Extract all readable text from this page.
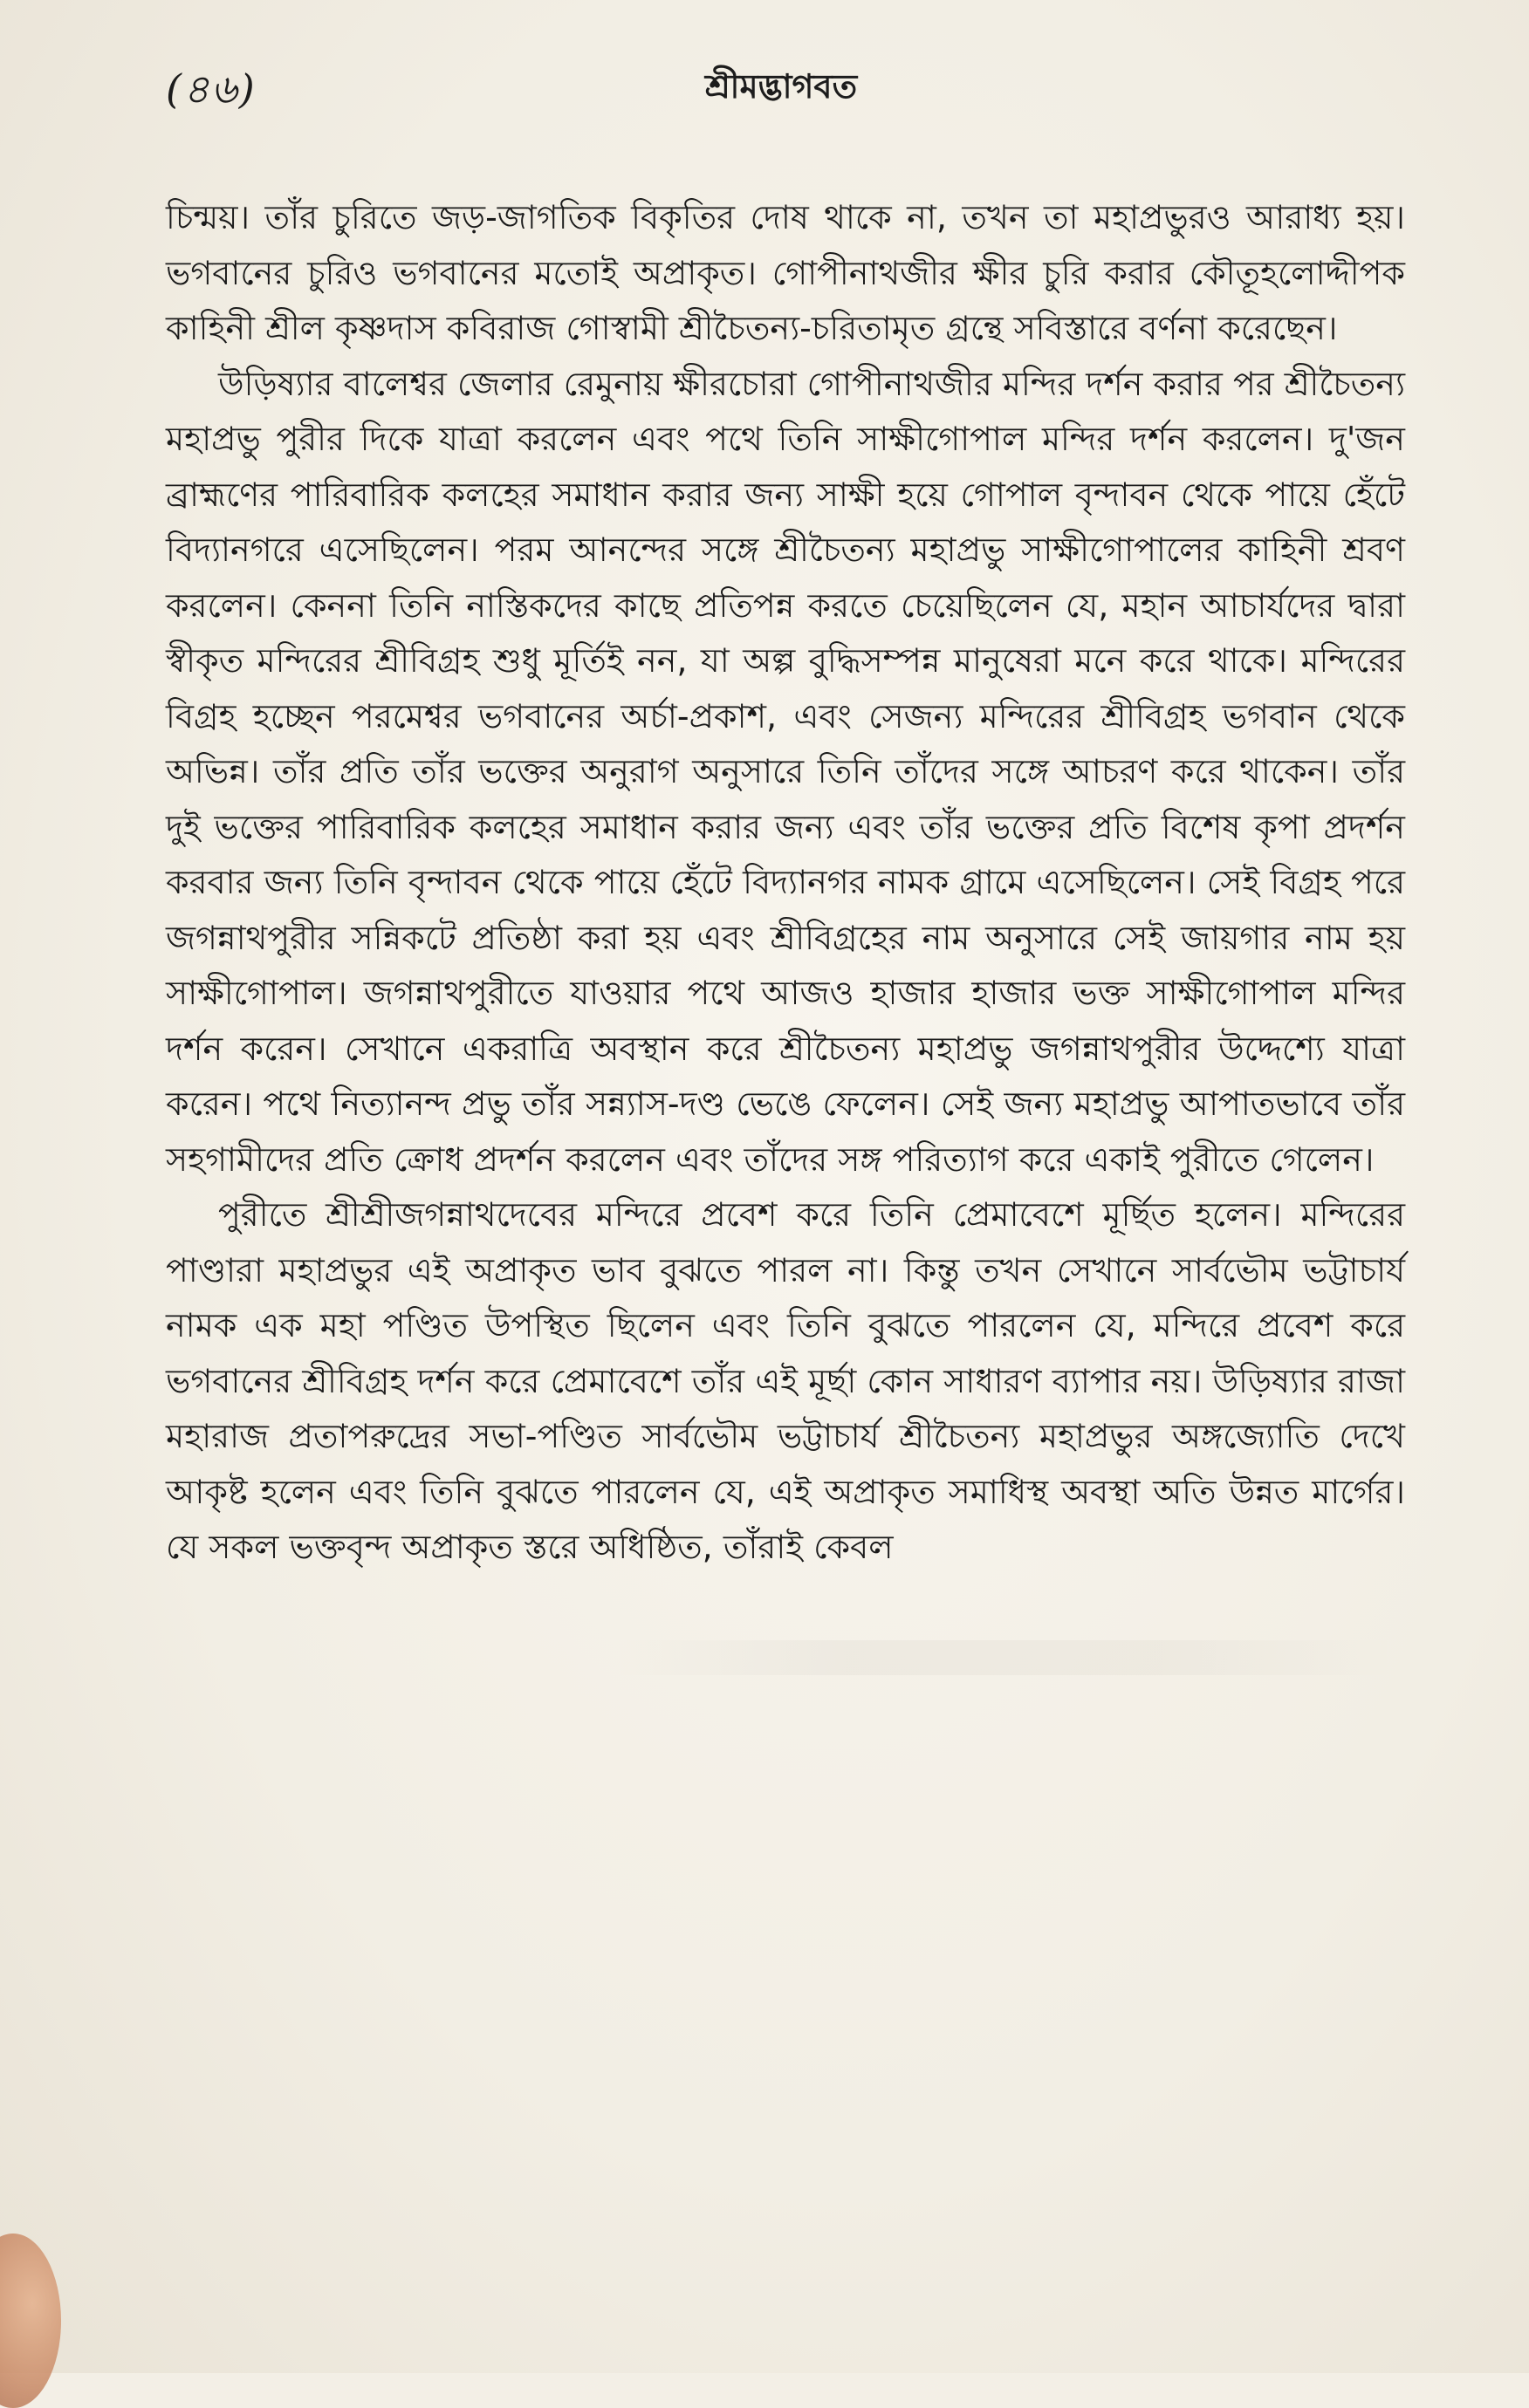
(৪৬)	শ্রীমদ্ভাগবত

চিন্ময়। তাঁর চুরিতে জড়-জাগতিক বিকৃতির দোষ থাকে না, তখন তা মহাপ্রভুরও আরাধ্য হয়। ভগবানের চুরিও ভগবানের মতোই অপ্রাকৃত। গোপীনাথজীর ক্ষীর চুরি করার কৌতূহলোদ্দীপক কাহিনী শ্রীল কৃষ্ণদাস কবিরাজ গোস্বামী শ্রীচৈতন্য-চরিতামৃত গ্রন্থে সবিস্তারে বর্ণনা করেছেন।

উড়িষ্যার বালেশ্বর জেলার রেমুনায় ক্ষীরচোরা গোপীনাথজীর মন্দির দর্শন করার পর শ্রীচৈতন্য মহাপ্রভু পুরীর দিকে যাত্রা করলেন এবং পথে তিনি সাক্ষীগোপাল মন্দির দর্শন করলেন। দু'জন ব্রাহ্মণের পারিবারিক কলহের সমাধান করার জন্য সাক্ষী হয়ে গোপাল বৃন্দাবন থেকে পায়ে হেঁটে বিদ্যানগরে এসেছিলেন। পরম আনন্দের সঙ্গে শ্রীচৈতন্য মহাপ্রভু সাক্ষীগোপালের কাহিনী শ্রবণ করলেন। কেননা তিনি নাস্তিকদের কাছে প্রতিপন্ন করতে চেয়েছিলেন যে, মহান আচার্যদের দ্বারা স্বীকৃত মন্দিরের শ্রীবিগ্রহ শুধু মূর্তিই নন, যা অল্প বুদ্ধিসম্পন্ন মানুষেরা মনে করে থাকে। মন্দিরের বিগ্রহ হচ্ছেন পরমেশ্বর ভগবানের অর্চা-প্রকাশ, এবং সেজন্য মন্দিরের শ্রীবিগ্রহ ভগবান থেকে অভিন্ন। তাঁর প্রতি তাঁর ভক্তের অনুরাগ অনুসারে তিনি তাঁদের সঙ্গে আচরণ করে থাকেন। তাঁর দুই ভক্তের পারিবারিক কলহের সমাধান করার জন্য এবং তাঁর ভক্তের প্রতি বিশেষ কৃপা প্রদর্শন করবার জন্য তিনি বৃন্দাবন থেকে পায়ে হেঁটে বিদ্যানগর নামক গ্রামে এসেছিলেন। সেই বিগ্রহ পরে জগন্নাথপুরীর সন্নিকটে প্রতিষ্ঠা করা হয় এবং শ্রীবিগ্রহের নাম অনুসারে সেই জায়গার নাম হয় সাক্ষীগোপাল। জগন্নাথপুরীতে যাওয়ার পথে আজও হাজার হাজার ভক্ত সাক্ষীগোপাল মন্দির দর্শন করেন। সেখানে একরাত্রি অবস্থান করে শ্রীচৈতন্য মহাপ্রভু জগন্নাথপুরীর উদ্দেশ্যে যাত্রা করেন। পথে নিত্যানন্দ প্রভু তাঁর সন্ন্যাস-দণ্ড ভেঙে ফেলেন। সেই জন্য মহাপ্রভু আপাতভাবে তাঁর সহগামীদের প্রতি ক্রোধ প্রদর্শন করলেন এবং তাঁদের সঙ্গ পরিত্যাগ করে একাই পুরীতে গেলেন।

পুরীতে শ্রীশ্রীজগন্নাথদেবের মন্দিরে প্রবেশ করে তিনি প্রেমাবেশে মূর্ছিত হলেন। মন্দিরের পাণ্ডারা মহাপ্রভুর এই অপ্রাকৃত ভাব বুঝতে পারল না। কিন্তু তখন সেখানে সার্বভৌম ভট্টাচার্য নামক এক মহা পণ্ডিত উপস্থিত ছিলেন এবং তিনি বুঝতে পারলেন যে, মন্দিরে প্রবেশ করে ভগবানের শ্রীবিগ্রহ দর্শন করে প্রেমাবেশে তাঁর এই মূর্ছা কোন সাধারণ ব্যাপার নয়। উড়িষ্যার রাজা মহারাজ প্রতাপরুদ্রের সভা-পণ্ডিত সার্বভৌম ভট্টাচার্য শ্রীচৈতন্য মহাপ্রভুর অঙ্গজ্যোতি দেখে আকৃষ্ট হলেন এবং তিনি বুঝতে পারলেন যে, এই অপ্রাকৃত সমাধিস্থ অবস্থা অতি উন্নত মার্গের। যে সকল ভক্তবৃন্দ অপ্রাকৃত স্তরে অধিষ্ঠিত, তাঁরাই কেবল
